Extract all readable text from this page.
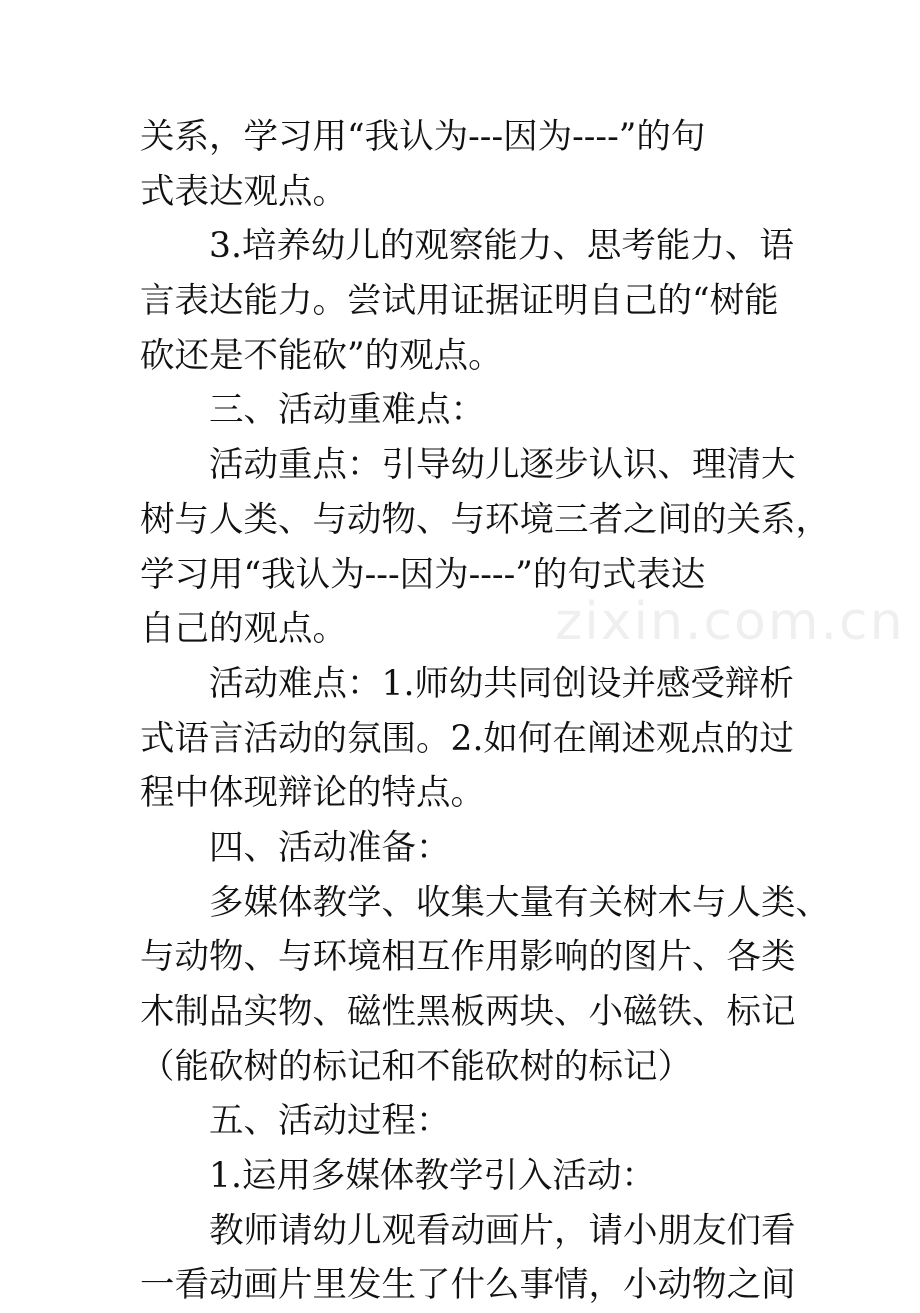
关系，学习用“我认为---因为----”的句
式表达观点。
3.培养幼儿的观察能力、思考能力、语
言表达能力。尝试用证据证明自己的“树能
砍还是不能砍”的观点。
三、活动重难点：
活动重点：引导幼儿逐步认识、理清大
树与人类、与动物、与环境三者之间的关系，
学习用“我认为---因为----”的句式表达
自己的观点。
活动难点：1.师幼共同创设并感受辩析
式语言活动的氛围。2.如何在阐述观点的过
程中体现辩论的特点。
四、活动准备：
多媒体教学、收集大量有关树木与人类、
与动物、与环境相互作用影响的图片、各类
木制品实物、磁性黑板两块、小磁铁、标记
（能砍树的标记和不能砍树的标记）
五、活动过程：
1.运用多媒体教学引入活动：
教师请幼儿观看动画片，请小朋友们看
一看动画片里发生了什么事情，小动物之间
zixin.com.cn
